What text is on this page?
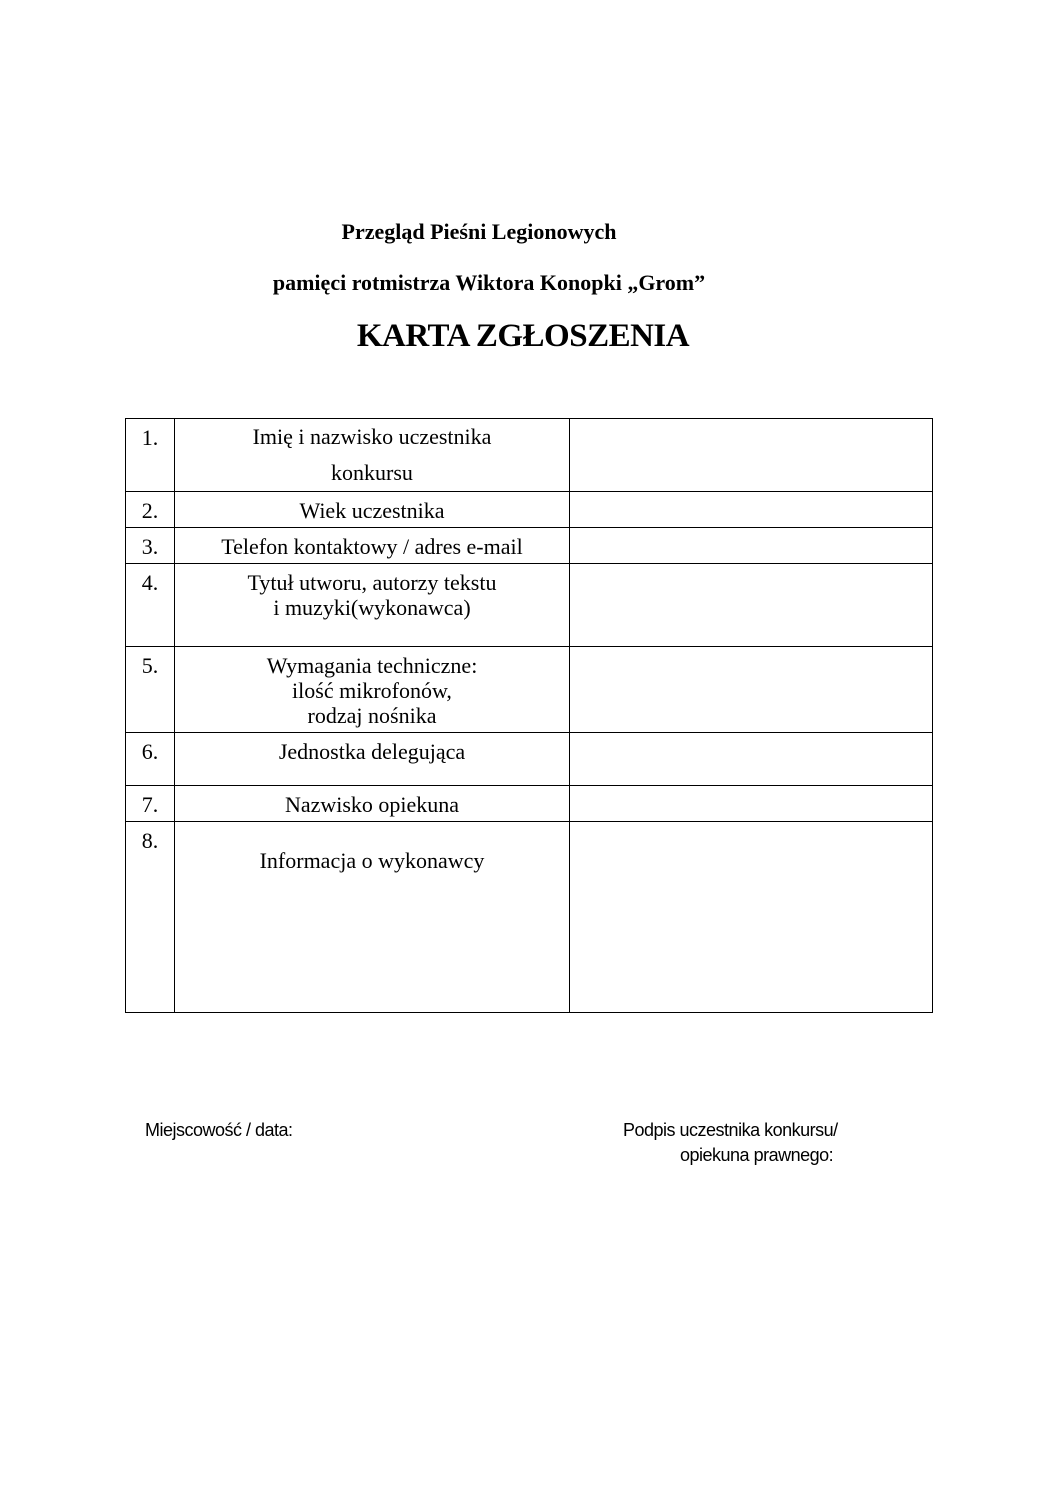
Przegląd Pieśni Legionowych
pamięci rotmistrza Wiktora Konopki „Grom”
KARTA ZGŁOSZENIA
1.	Imię i nazwisko uczestnika
konkursu	

2.	Wiek uczestnika	

3.	Telefon kontaktowy / adres e-mail	

4.	Tytuł utworu, autorzy tekstu
i muzyki(wykonawca)	

5.	Wymagania techniczne:
ilość mikrofonów,
rodzaj nośnika	

6.	Jednostka delegująca	

7.	Nazwisko opiekuna	

8.	Informacja o wykonawcy	

Miejscowość / data:	Podpis uczestnika konkursu/
opiekuna prawnego:
